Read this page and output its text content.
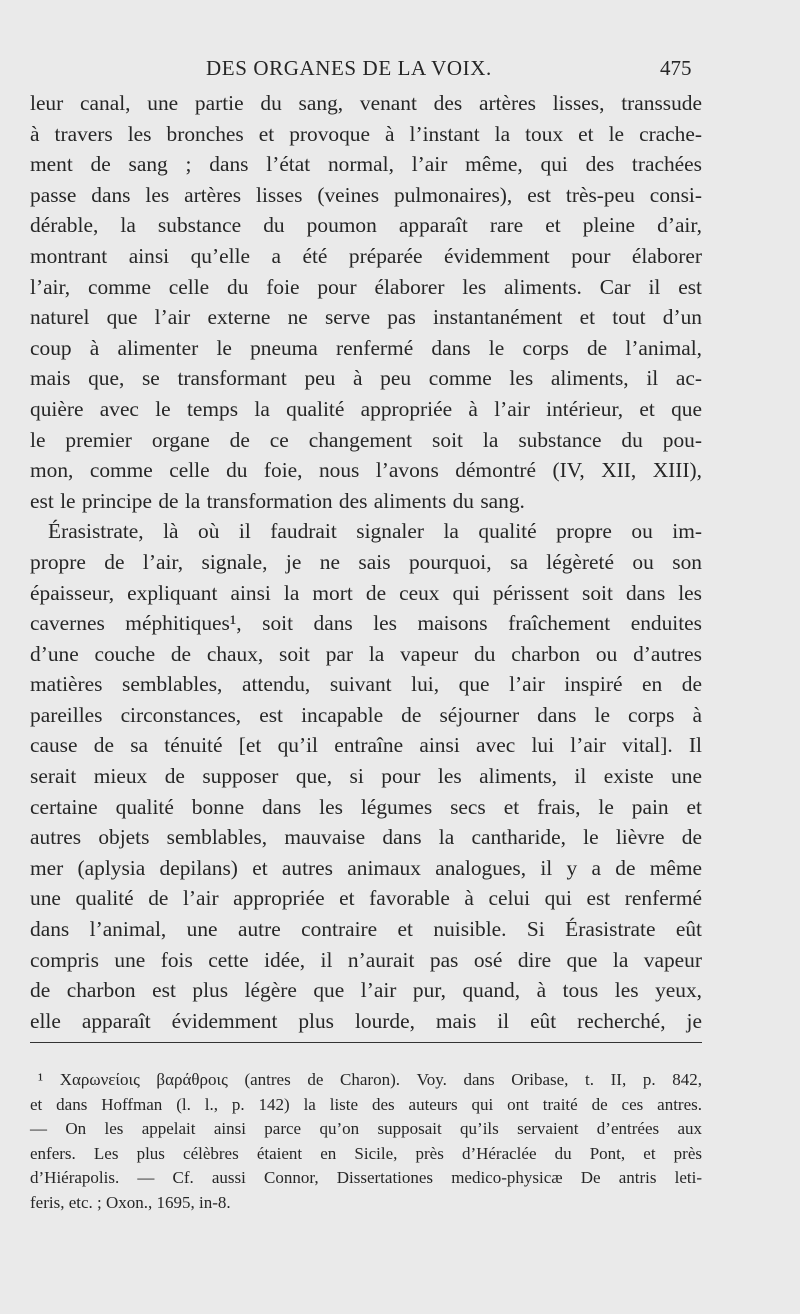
DES ORGANES DE LA VOIX.	475
leur canal, une partie du sang, venant des artères lisses, transsude
à travers les bronches et provoque à l’instant la toux et le crache-
ment de sang ; dans l’état normal, l’air même, qui des trachées
passe dans les artères lisses (veines pulmonaires), est très-peu consi-
dérable, la substance du poumon apparaît rare et pleine d’air,
montrant ainsi qu’elle a été préparée évidemment pour élaborer
l’air, comme celle du foie pour élaborer les aliments. Car il est
naturel que l’air externe ne serve pas instantanément et tout d’un
coup à alimenter le pneuma renfermé dans le corps de l’animal,
mais que, se transformant peu à peu comme les aliments, il ac-
quière avec le temps la qualité appropriée à l’air intérieur, et que
le premier organe de ce changement soit la substance du pou-
mon, comme celle du foie, nous l’avons démontré (IV, XII, XIII),
est le principe de la transformation des aliments du sang.
Érasistrate, là où il faudrait signaler la qualité propre ou im-
propre de l’air, signale, je ne sais pourquoi, sa légèreté ou son
épaisseur, expliquant ainsi la mort de ceux qui périssent soit dans les
cavernes méphitiques¹, soit dans les maisons fraîchement enduites
d’une couche de chaux, soit par la vapeur du charbon ou d’autres
matières semblables, attendu, suivant lui, que l’air inspiré en de
pareilles circonstances, est incapable de séjourner dans le corps à
cause de sa ténuité [et qu’il entraîne ainsi avec lui l’air vital]. Il
serait mieux de supposer que, si pour les aliments, il existe une
certaine qualité bonne dans les légumes secs et frais, le pain et
autres objets semblables, mauvaise dans la cantharide, le lièvre de
mer (aplysia depilans) et autres animaux analogues, il y a de même
une qualité de l’air appropriée et favorable à celui qui est renfermé
dans l’animal, une autre contraire et nuisible. Si Érasistrate eût
compris une fois cette idée, il n’aurait pas osé dire que la vapeur
de charbon est plus légère que l’air pur, quand, à tous les yeux,
elle apparaît évidemment plus lourde, mais il eût recherché, je
¹ Χαρωνείοις βαράθροις (antres de Charon). Voy. dans Oribase, t. II, p. 842,
et dans Hoffman (l. l., p. 142) la liste des auteurs qui ont traité de ces antres.
— On les appelait ainsi parce qu’on supposait qu’ils servaient d’entrées aux
enfers. Les plus célèbres étaient en Sicile, près d’Héraclée du Pont, et près
d’Hiérapolis. — Cf. aussi Connor, Dissertationes medico-physicæ De antris leti-
feris, etc. ; Oxon., 1695, in-8.
